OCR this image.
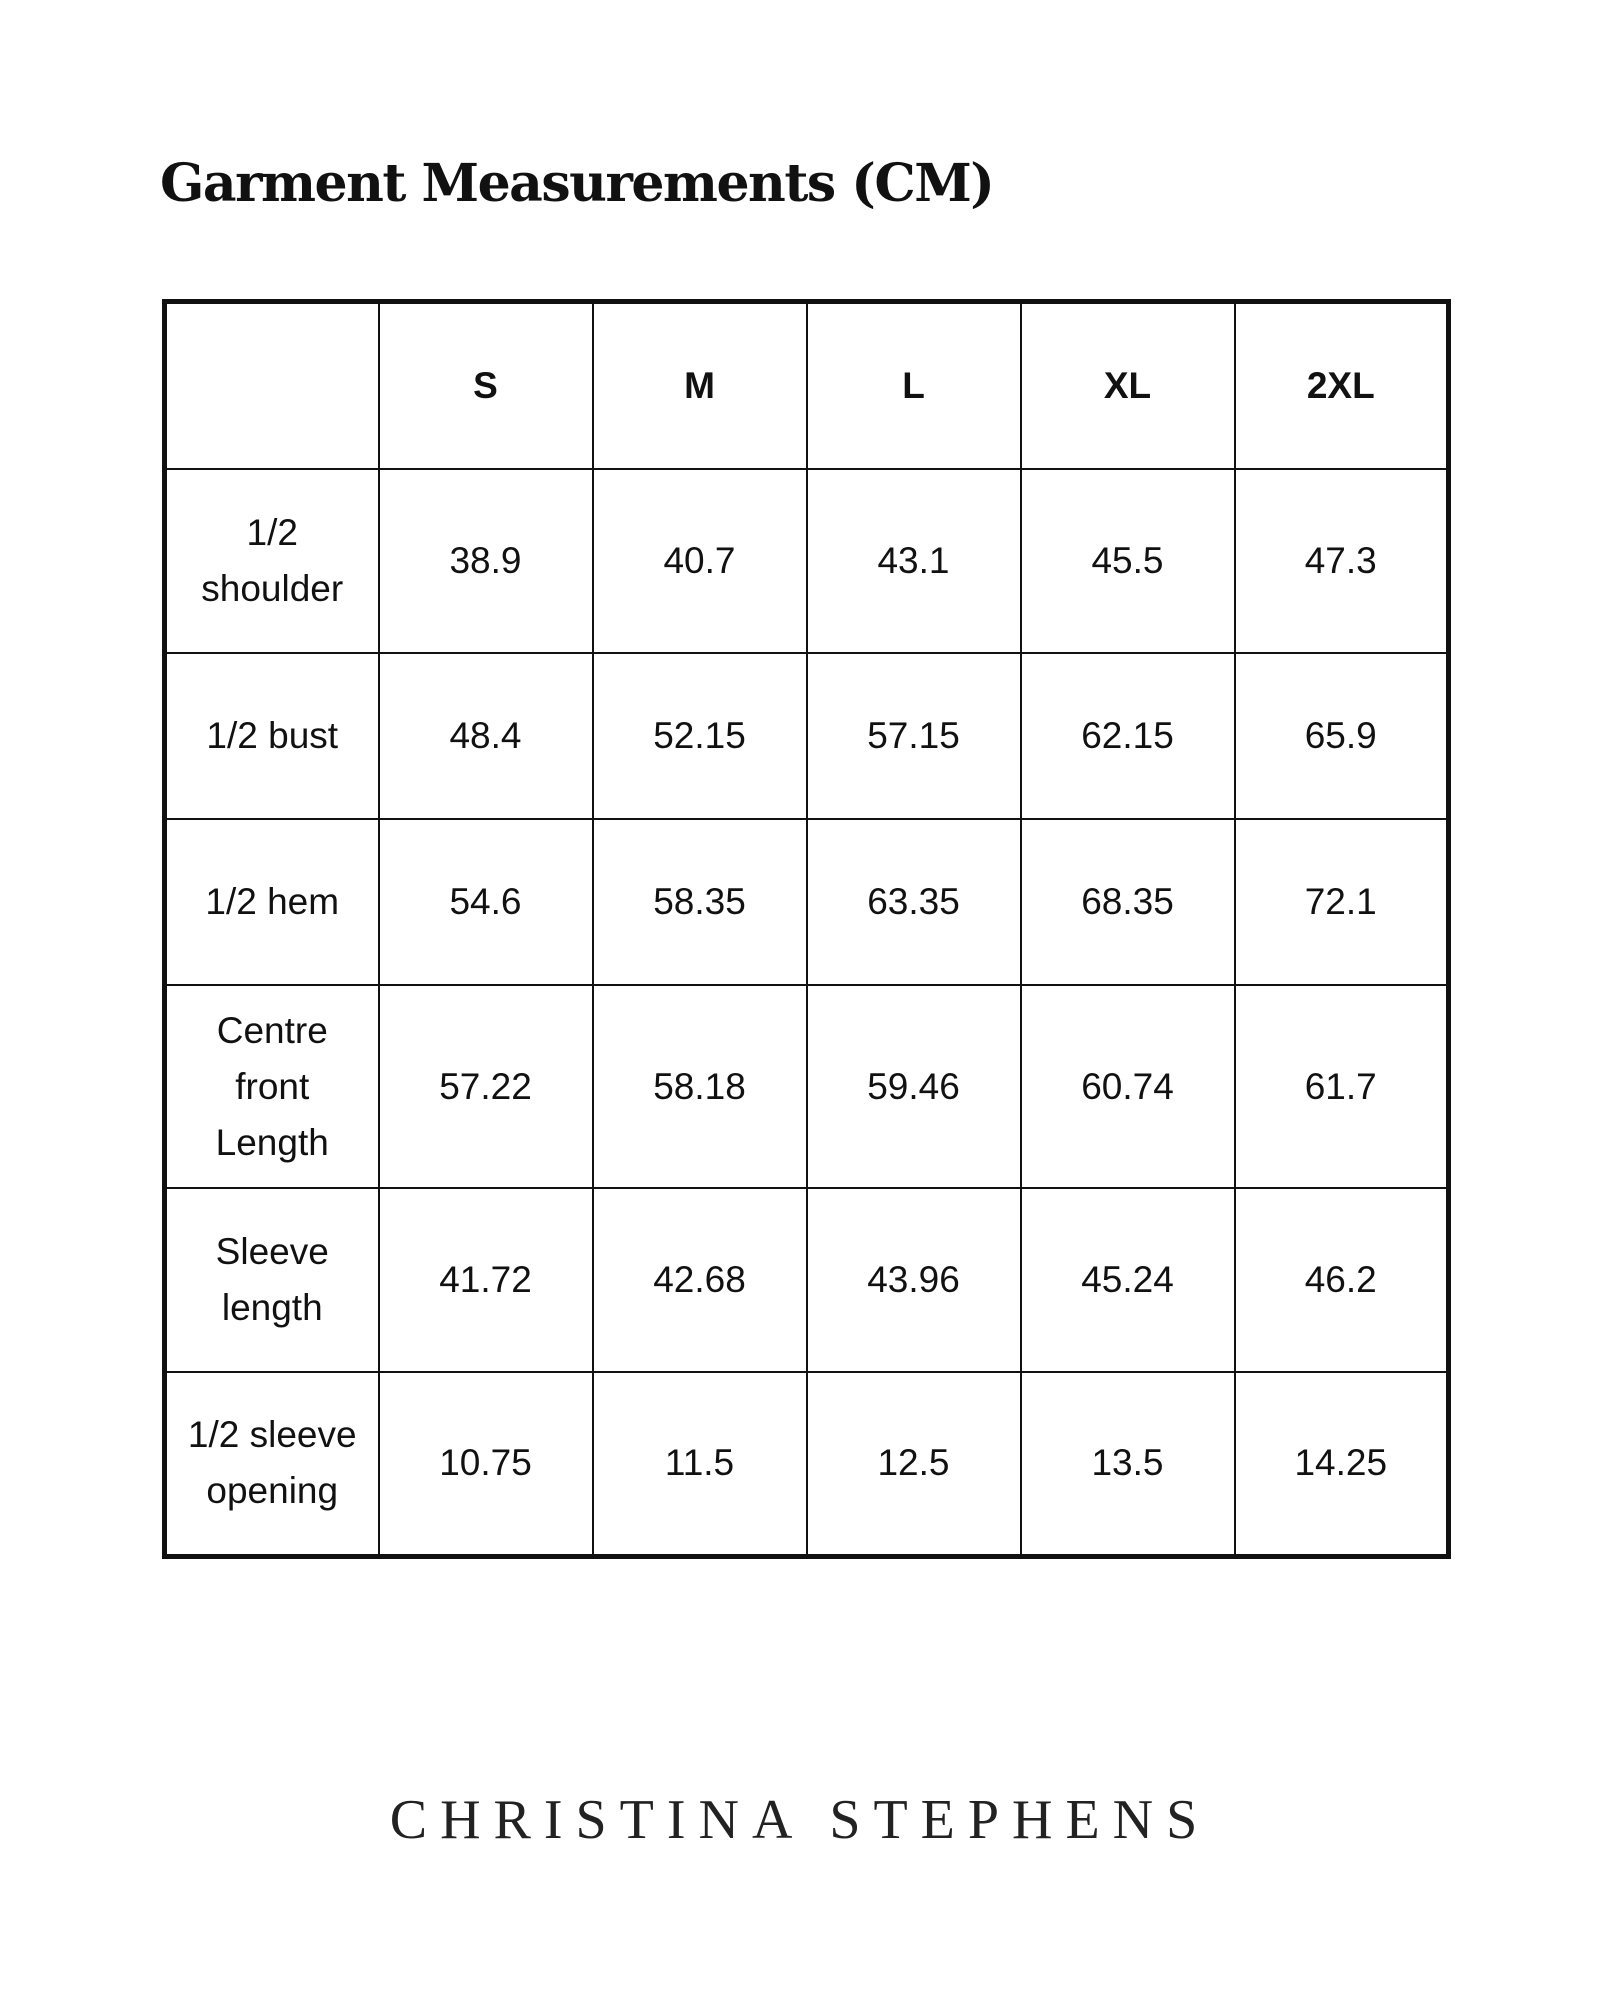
Garment Measurements (CM)
	S	M	L	XL	2XL
1/2 shoulder	38.9	40.7	43.1	45.5	47.3
1/2 bust	48.4	52.15	57.15	62.15	65.9
1/2 hem	54.6	58.35	63.35	68.35	72.1
Centre front Length	57.22	58.18	59.46	60.74	61.7
Sleeve length	41.72	42.68	43.96	45.24	46.2
1/2 sleeve opening	10.75	11.5	12.5	13.5	14.25
CHRISTINA STEPHENS
